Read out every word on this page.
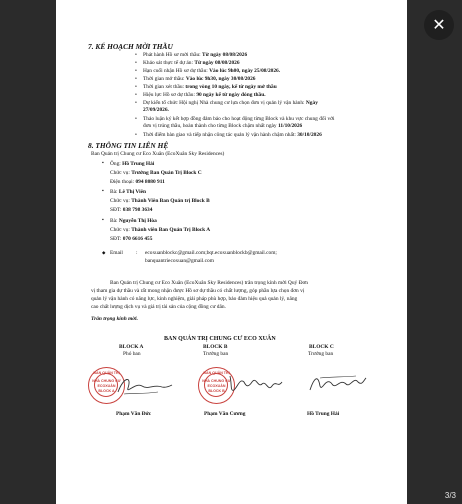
7. KẾ HOẠCH MỜI THẦU
• Phát hành Hồ sơ mời thầu: Từ ngày 08/08/2026
• Khảo sát thực tế dự án: Từ ngày 08/08/2026
• Hạn cuối nhận Hồ sơ dự thầu: Vào lúc 9h00, ngày 25/08/2026.
• Thời gian mở thầu: Vào lúc 9h30, ngày 30/08/2026
• Thời gian xét thầu: trong vòng 10 ngày, kể từ ngày mở thầu
• Hiệu lực Hồ sơ dự thầu: 90 ngày kể từ ngày đóng thầu.
• Dự kiến tổ chức Hội nghị Nhà chung cư lựa chọn đơn vị quản lý vận hành: Ngày
27/09/2026.
• Thảo luận ký kết hợp đồng đảm bảo cho hoạt động từng Block và khu vực chung đối với
đơn vị trúng thầu, hoàn thành cho từng Block chậm nhất ngày 11/10/2026
• Thời điểm bàn giao và tiếp nhận công tác quản lý vận hành chậm nhất: 30/10/2026
8. THÔNG TIN LIÊN HỆ
Ban Quản trị Chung cư Eco Xuân (EcoXuân Sky Residences)
▪ Ông: Hồ Trung Hải
Chức vụ: Trưởng Ban Quản Trị Block C
Điện thoại: 094 8080 911
▪ Bà: Lê Thị Viên
Chức vụ: Thành Viên Ban Quản trị Block B
SĐT: 038 798 3634
▪ Bà: Nguyễn Thị Hòa
Chức vụ: Thành viên Ban Quản Trị Block A
SĐT: 070 6616 455
◆ Email : ecoxuanblockc@gmail.com;bqt.ecoxuanblockb@gmail.com;
banquantriecoxuan@gmail.com
Ban Quản trị Chung cư Eco Xuân (EcoXuân Sky Residences) trân trọng kính mời Quý Đơn
vị tham gia dự thầu và rất mong nhận được Hồ sơ dự thầu có chất lượng, góp phần lựa chọn đơn vị
quản lý vận hành có năng lực, kinh nghiệm, giải pháp phù hợp, bảo đảm hiệu quả quản lý, nâng
cao chất lượng dịch vụ và giá trị tài sản của cộng đồng cư dân.
Trân trọng kính mời.
BAN QUẢN TRỊ CHUNG CƯ ECO XUÂN
BLOCK A
Phó ban
BLOCK B
Trưởng ban
BLOCK C
Trưởng ban
BAN QUẢN TRỊ
NHÀ CHUNG CƯ
ECOXUÂN
BLOCK A
BAN QUẢN TRỊ
NHÀ CHUNG CƯ
ECOXUÂN
BLOCK B
Phạm Văn Đức	Phạm Văn Cương	Hồ Trung Hải
✕
3/3
